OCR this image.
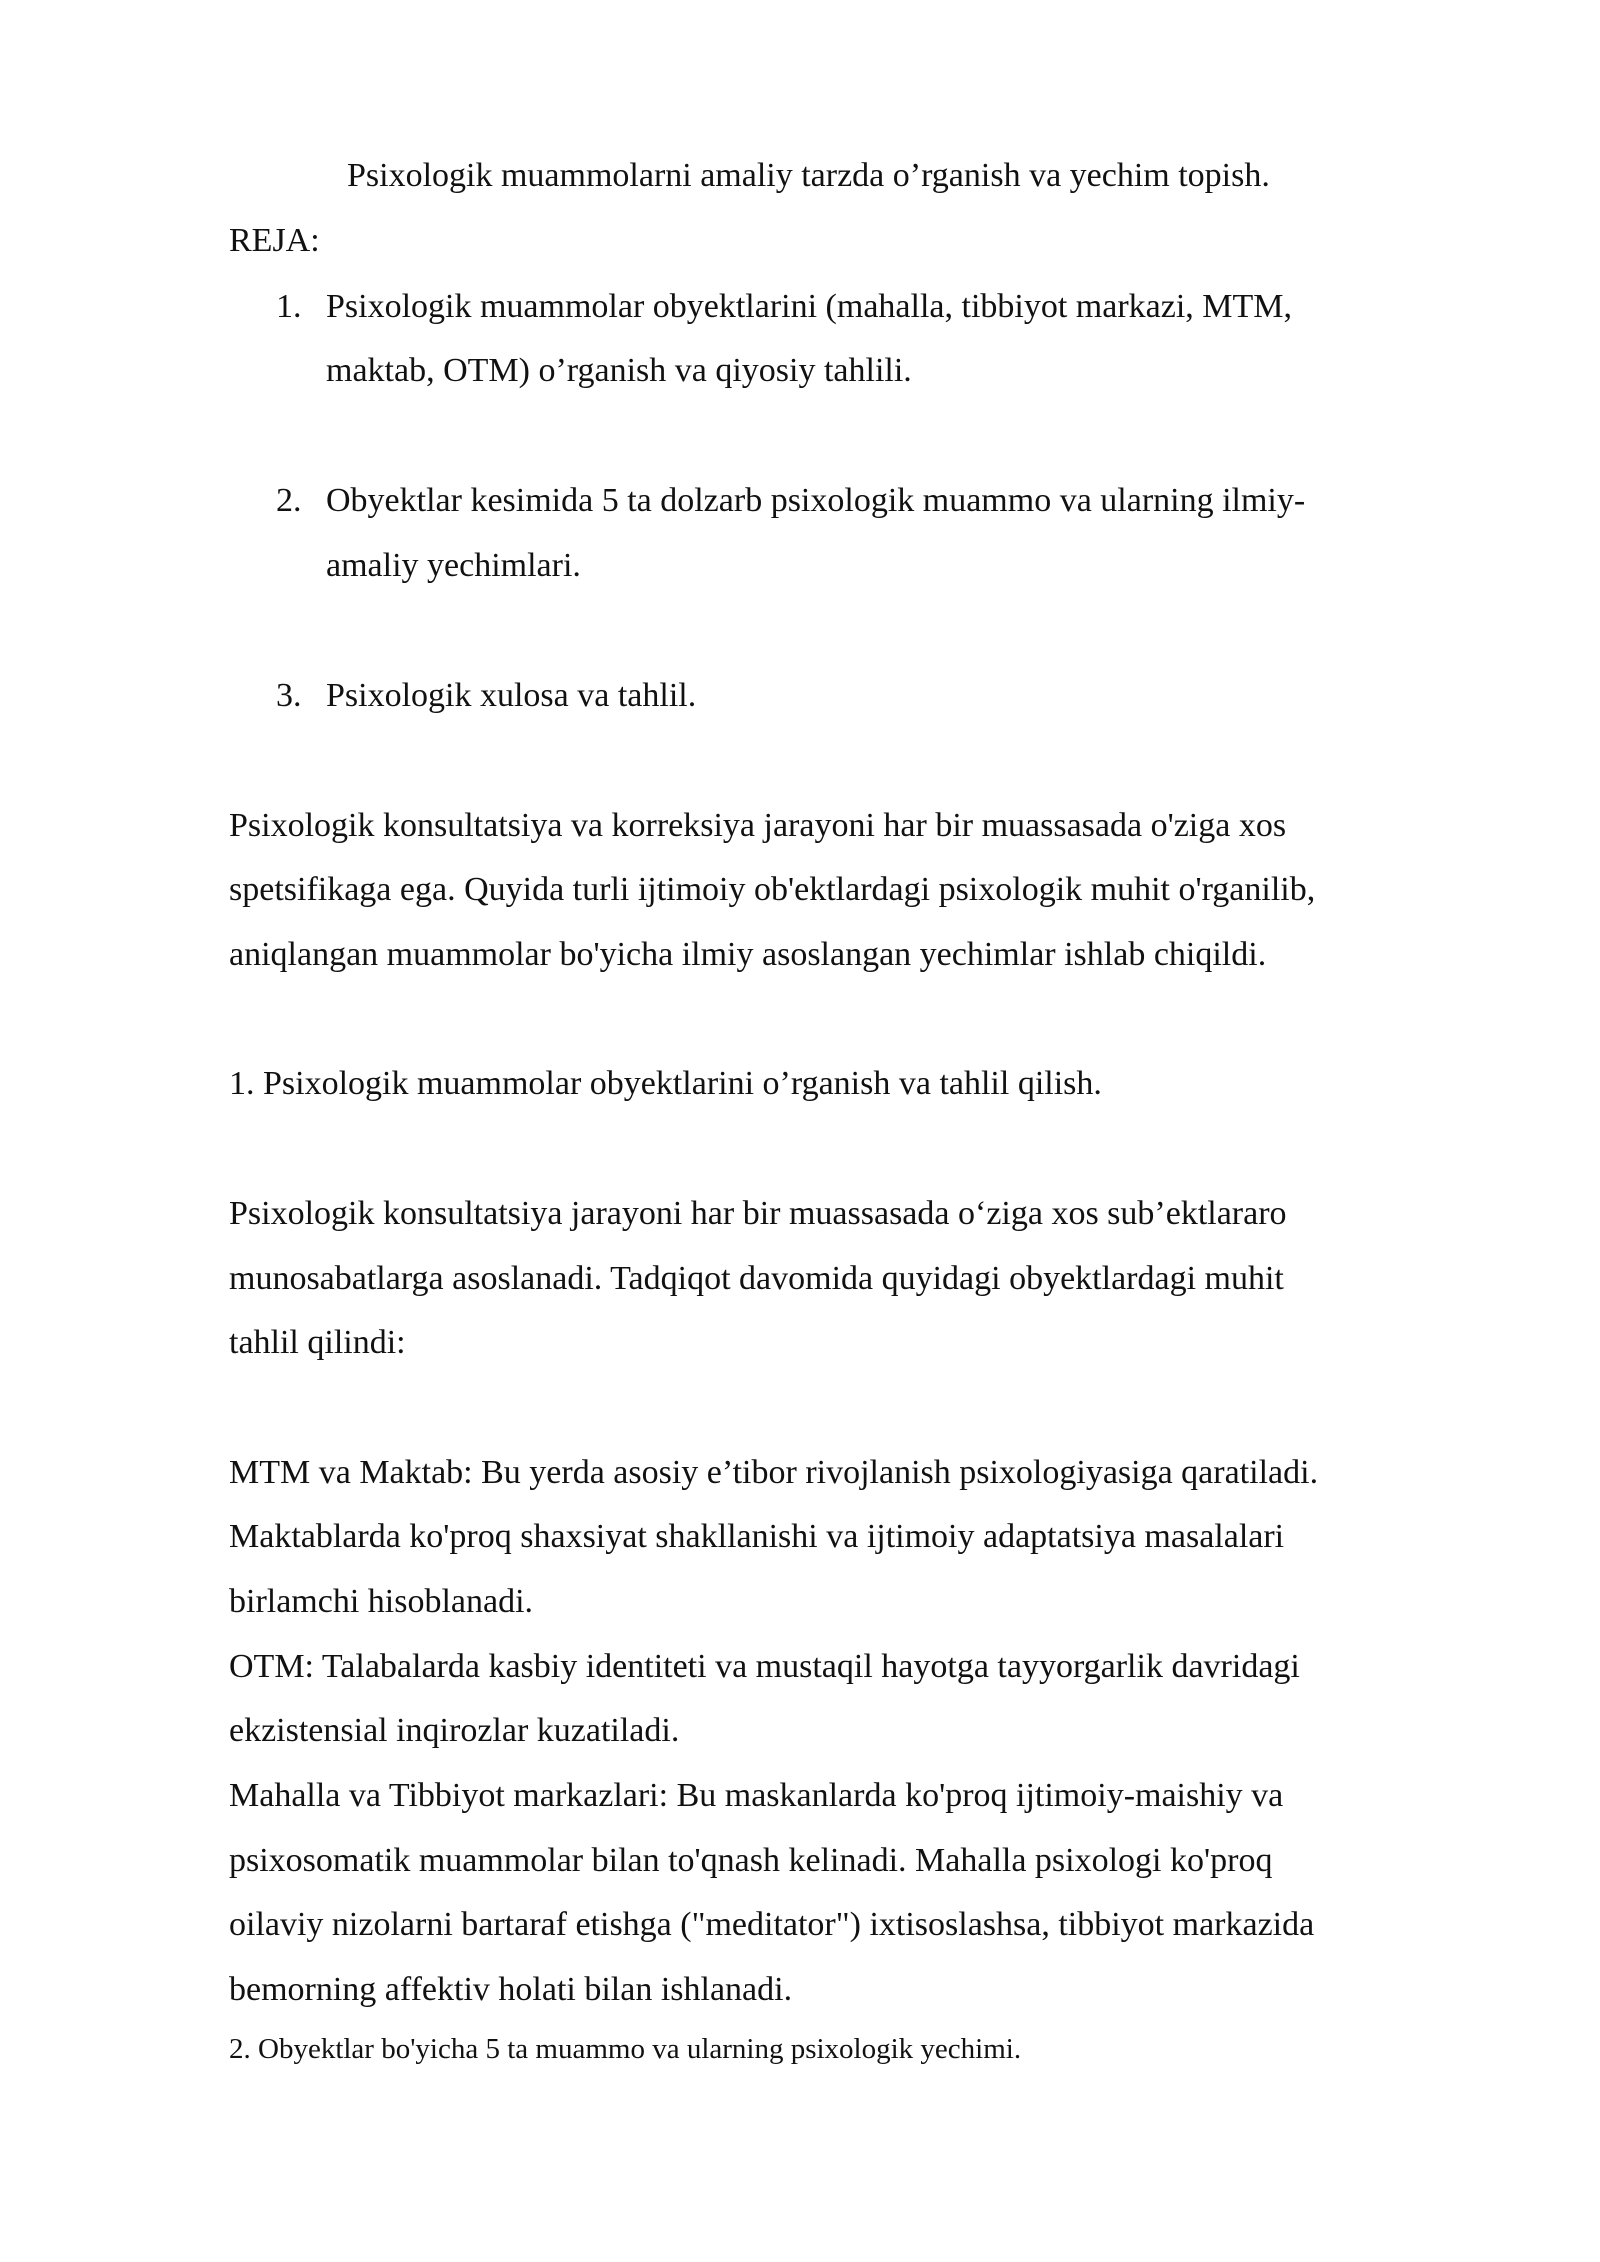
Psixologik muammolarni amaliy tarzda o’rganish va yechim topish.
REJA:
1. Psixologik muammolar obyektlarini (mahalla, tibbiyot markazi, MTM,
maktab, OTM) o’rganish va qiyosiy tahlili.
2. Obyektlar kesimida 5 ta dolzarb psixologik muammo va ularning ilmiy-
amaliy yechimlari.
3. Psixologik xulosa va tahlil.
Psixologik konsultatsiya va korreksiya jarayoni har bir muassasada o'ziga xos
spetsifikaga ega. Quyida turli ijtimoiy ob'ektlardagi psixologik muhit o'rganilib,
aniqlangan muammolar bo'yicha ilmiy asoslangan yechimlar ishlab chiqildi.
1. Psixologik muammolar obyektlarini o’rganish va tahlil qilish.
Psixologik konsultatsiya jarayoni har bir muassasada o‘ziga xos sub’ektlararo
munosabatlarga asoslanadi. Tadqiqot davomida quyidagi obyektlardagi muhit
tahlil qilindi:
MTM va Maktab: Bu yerda asosiy e’tibor rivojlanish psixologiyasiga qaratiladi.
Maktablarda ko'proq shaxsiyat shakllanishi va ijtimoiy adaptatsiya masalalari
birlamchi hisoblanadi.
OTM: Talabalarda kasbiy identiteti va mustaqil hayotga tayyorgarlik davridagi
ekzistensial inqirozlar kuzatiladi.
Mahalla va Tibbiyot markazlari: Bu maskanlarda ko'proq ijtimoiy-maishiy va
psixosomatik muammolar bilan to'qnash kelinadi. Mahalla psixologi ko'proq
oilaviy nizolarni bartaraf etishga ("meditator") ixtisoslashsa, tibbiyot markazida
bemorning affektiv holati bilan ishlanadi.
2. Obyektlar bo'yicha 5 ta muammo va ularning psixologik yechimi.
